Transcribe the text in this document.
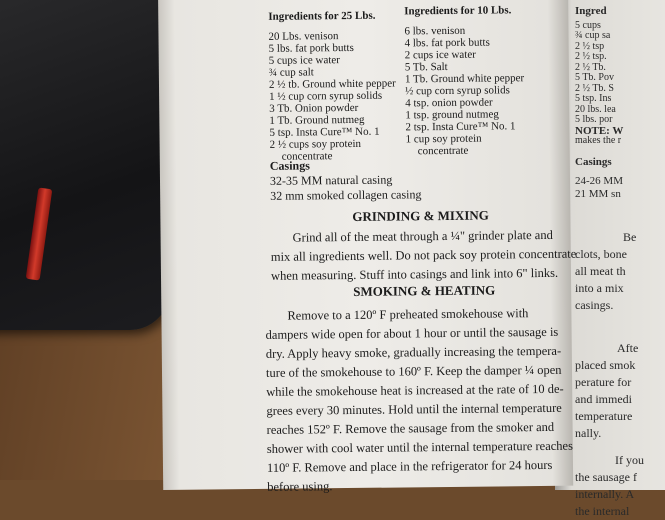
Ingredients for 25 Lbs.
20 Lbs. venison
5 lbs. fat pork butts
5 cups ice water
¾ cup salt
2 ½ tb. Ground white pepper
1 ½ cup corn syrup solids
3 Tb. Onion powder
1 Tb. Ground nutmeg
5 tsp. Insta Cure™ No. 1
2 ½ cups soy protein
concentrate
Ingredients for 10 Lbs.
6 lbs. venison
4 lbs. fat pork butts
2 cups ice water
5 Tb. Salt
1 Tb. Ground white pepper
½ cup corn syrup solids
4 tsp. onion powder
1 tsp. ground nutmeg
2 tsp. Insta Cure™ No. 1
1 cup soy protein
concentrate
Casings
32-35 MM natural casing
32 mm smoked collagen casing
GRINDING & MIXING
Grind all of the meat through a ¼" grinder plate and
mix all ingredients well. Do not pack soy protein concentrate
when measuring. Stuff into casings and link into 6" links.
SMOKING & HEATING
Remove to a 120º F preheated smokehouse with
dampers wide open for about 1 hour or until the sausage is
dry. Apply heavy smoke, gradually increasing the tempera-
ture of the smokehouse to 160º F. Keep the damper ¼ open
while the smokehouse heat is increased at the rate of 10 de-
grees every 30 minutes. Hold until the internal temperature
reaches 152º F. Remove the sausage from the smoker and
shower with cool water until the internal temperature reaches
110º F. Remove and place in the refrigerator for 24 hours
before using.
Ingred
5 cups
¾ cup sa
2 ½ tsp
2 ½ tsp.
2 ½ Tb.
5 Tb. Pov
2 ½ Tb. S
5 tsp. Ins
20 lbs. lea
5 lbs. por
NOTE: W
makes the r
Casings
24-26 MM
21 MM sn
Be
clots, bone
all meat th
into a mix
casings.
Afte
placed smok
perature for
and immedi
temperature
nally.
If you
the sausage f
internally. A
the internal
